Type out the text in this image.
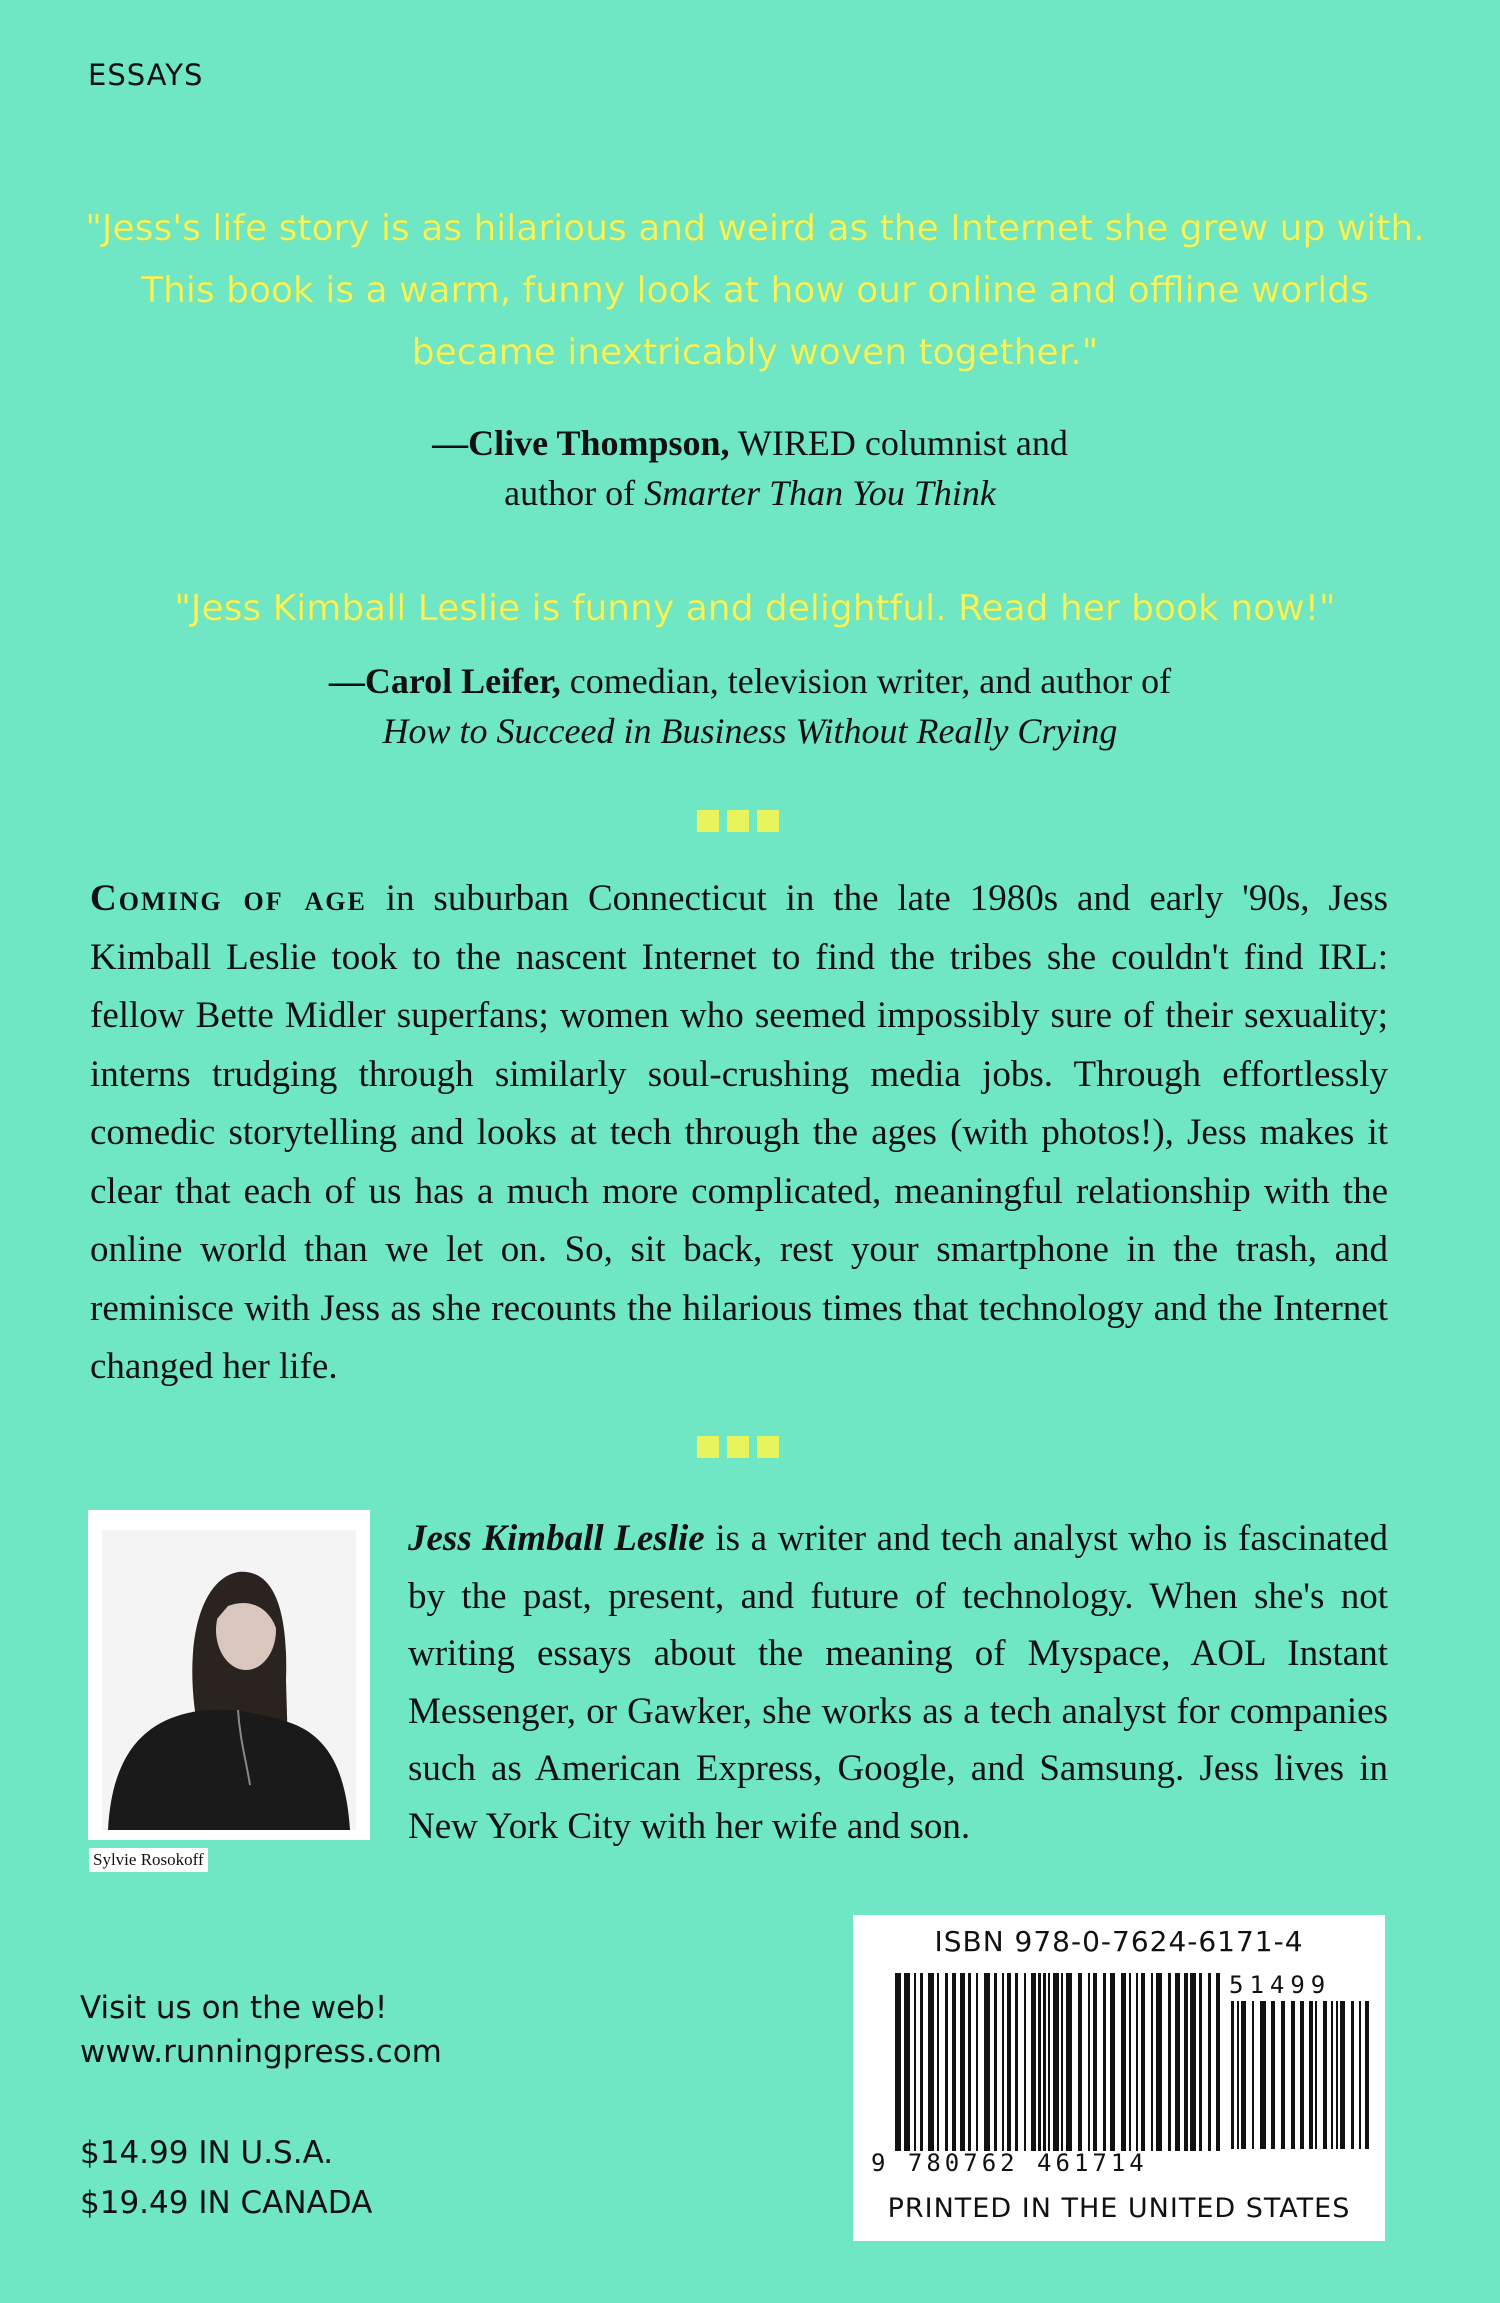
ESSAYS
"Jess's life story is as hilarious and weird as the Internet she grew up with. This book is a warm, funny look at how our online and offline worlds became inextricably woven together."
—Clive Thompson, WIRED columnist and
author of Smarter Than You Think
"Jess Kimball Leslie is funny and delightful. Read her book now!"
—Carol Leifer, comedian, television writer, and author of
How to Succeed in Business Without Really Crying
Coming of age in suburban Connecticut in the late 1980s and early '90s, Jess Kimball Leslie took to the nascent Internet to find the tribes she couldn't find IRL: fellow Bette Midler superfans; women who seemed impossibly sure of their sexuality; interns trudging through similarly soul-crushing media jobs. Through effortlessly comedic storytelling and looks at tech through the ages (with photos!), Jess makes it clear that each of us has a much more complicated, meaningful relationship with the online world than we let on. So, sit back, rest your smartphone in the trash, and reminisce with Jess as she recounts the hilarious times that technology and the Internet changed her life.
Sylvie Rosokoff
Jess Kimball Leslie is a writer and tech analyst who is fascinated by the past, present, and future of technology. When she's not writing essays about the meaning of Myspace, AOL Instant Messenger, or Gawker, she works as a tech analyst for companies such as American Express, Google, and Samsung. Jess lives in New York City with her wife and son.
Visit us on the web!
www.runningpress.com
$14.99 IN U.S.A.
$19.49 IN CANADA
ISBN 978-0-7624-6171-4
51499
9 780762 461714
PRINTED IN THE UNITED STATES
